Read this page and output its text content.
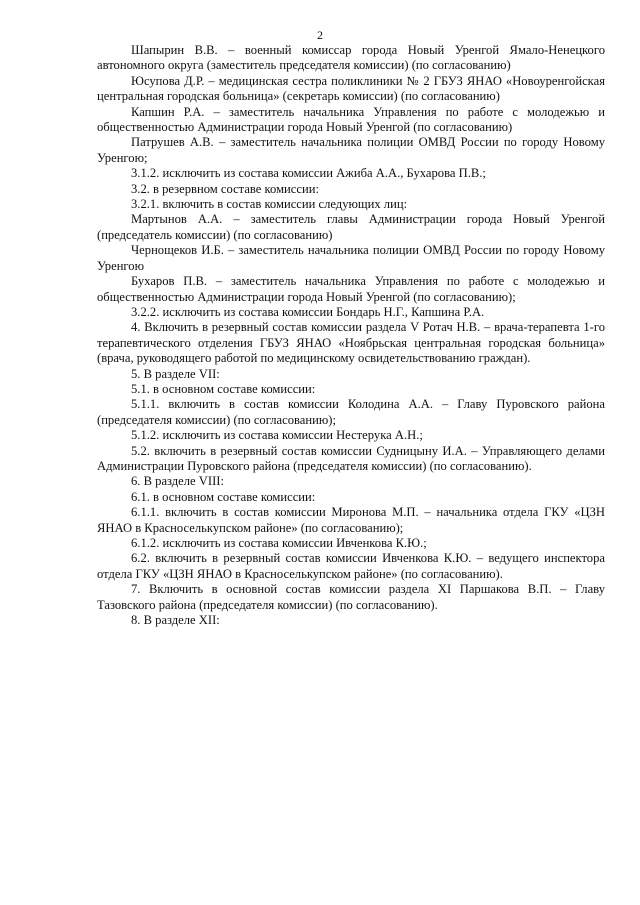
2

Шапырин В.В. – военный комиссар города Новый Уренгой Ямало-Ненецкого автономного округа (заместитель председателя комиссии) (по согласованию)

Юсупова Д.Р. – медицинская сестра поликлиники № 2 ГБУЗ ЯНАО «Новоуренгойская центральная городская больница» (секретарь комиссии) (по согласованию)

Капшин Р.А. – заместитель начальника Управления по работе с молодежью и общественностью Администрации города Новый Уренгой (по согласованию)

Патрушев А.В. – заместитель начальника полиции ОМВД России по городу Новому Уренгою;

3.1.2. исключить из состава комиссии Ажиба А.А., Бухарова П.В.;

3.2. в резервном составе комиссии:

3.2.1. включить в состав комиссии следующих лиц:

Мартынов А.А. – заместитель главы Администрации города Новый Уренгой (председатель комиссии) (по согласованию)

Чернощеков И.Б. – заместитель начальника полиции ОМВД России по городу Новому Уренгою

Бухаров П.В. – заместитель начальника Управления по работе с молодежью и общественностью Администрации города Новый Уренгой (по согласованию);

3.2.2. исключить из состава комиссии Бондарь Н.Г., Капшина Р.А.

4. Включить в резервный состав комиссии раздела V Ротач Н.В. – врача-терапевта 1-го терапевтического отделения ГБУЗ ЯНАО «Ноябрьская центральная городская больница» (врача, руководящего работой по медицинскому освидетельствованию граждан).

5. В разделе VII:

5.1. в основном составе комиссии:

5.1.1. включить в состав комиссии Колодина А.А. – Главу Пуровского района (председателя комиссии) (по согласованию);

5.1.2. исключить из состава комиссии Нестерука А.Н.;

5.2. включить в резервный состав комиссии Судницыну И.А. – Управляющего делами Администрации Пуровского района (председателя комиссии) (по согласованию).

6. В разделе VIII:

6.1. в основном составе комиссии:

6.1.1. включить в состав комиссии Миронова М.П. – начальника отдела ГКУ «ЦЗН ЯНАО в Красноселькупском районе» (по согласованию);

6.1.2. исключить из состава комиссии Ивченкова К.Ю.;

6.2. включить в резервный состав комиссии Ивченкова К.Ю. – ведущего инспектора отдела ГКУ «ЦЗН ЯНАО в Красноселькупском районе» (по согласованию).

7. Включить в основной состав комиссии раздела XI Паршакова В.П. – Главу Тазовского района (председателя комиссии) (по согласованию).

8. В разделе XII:
